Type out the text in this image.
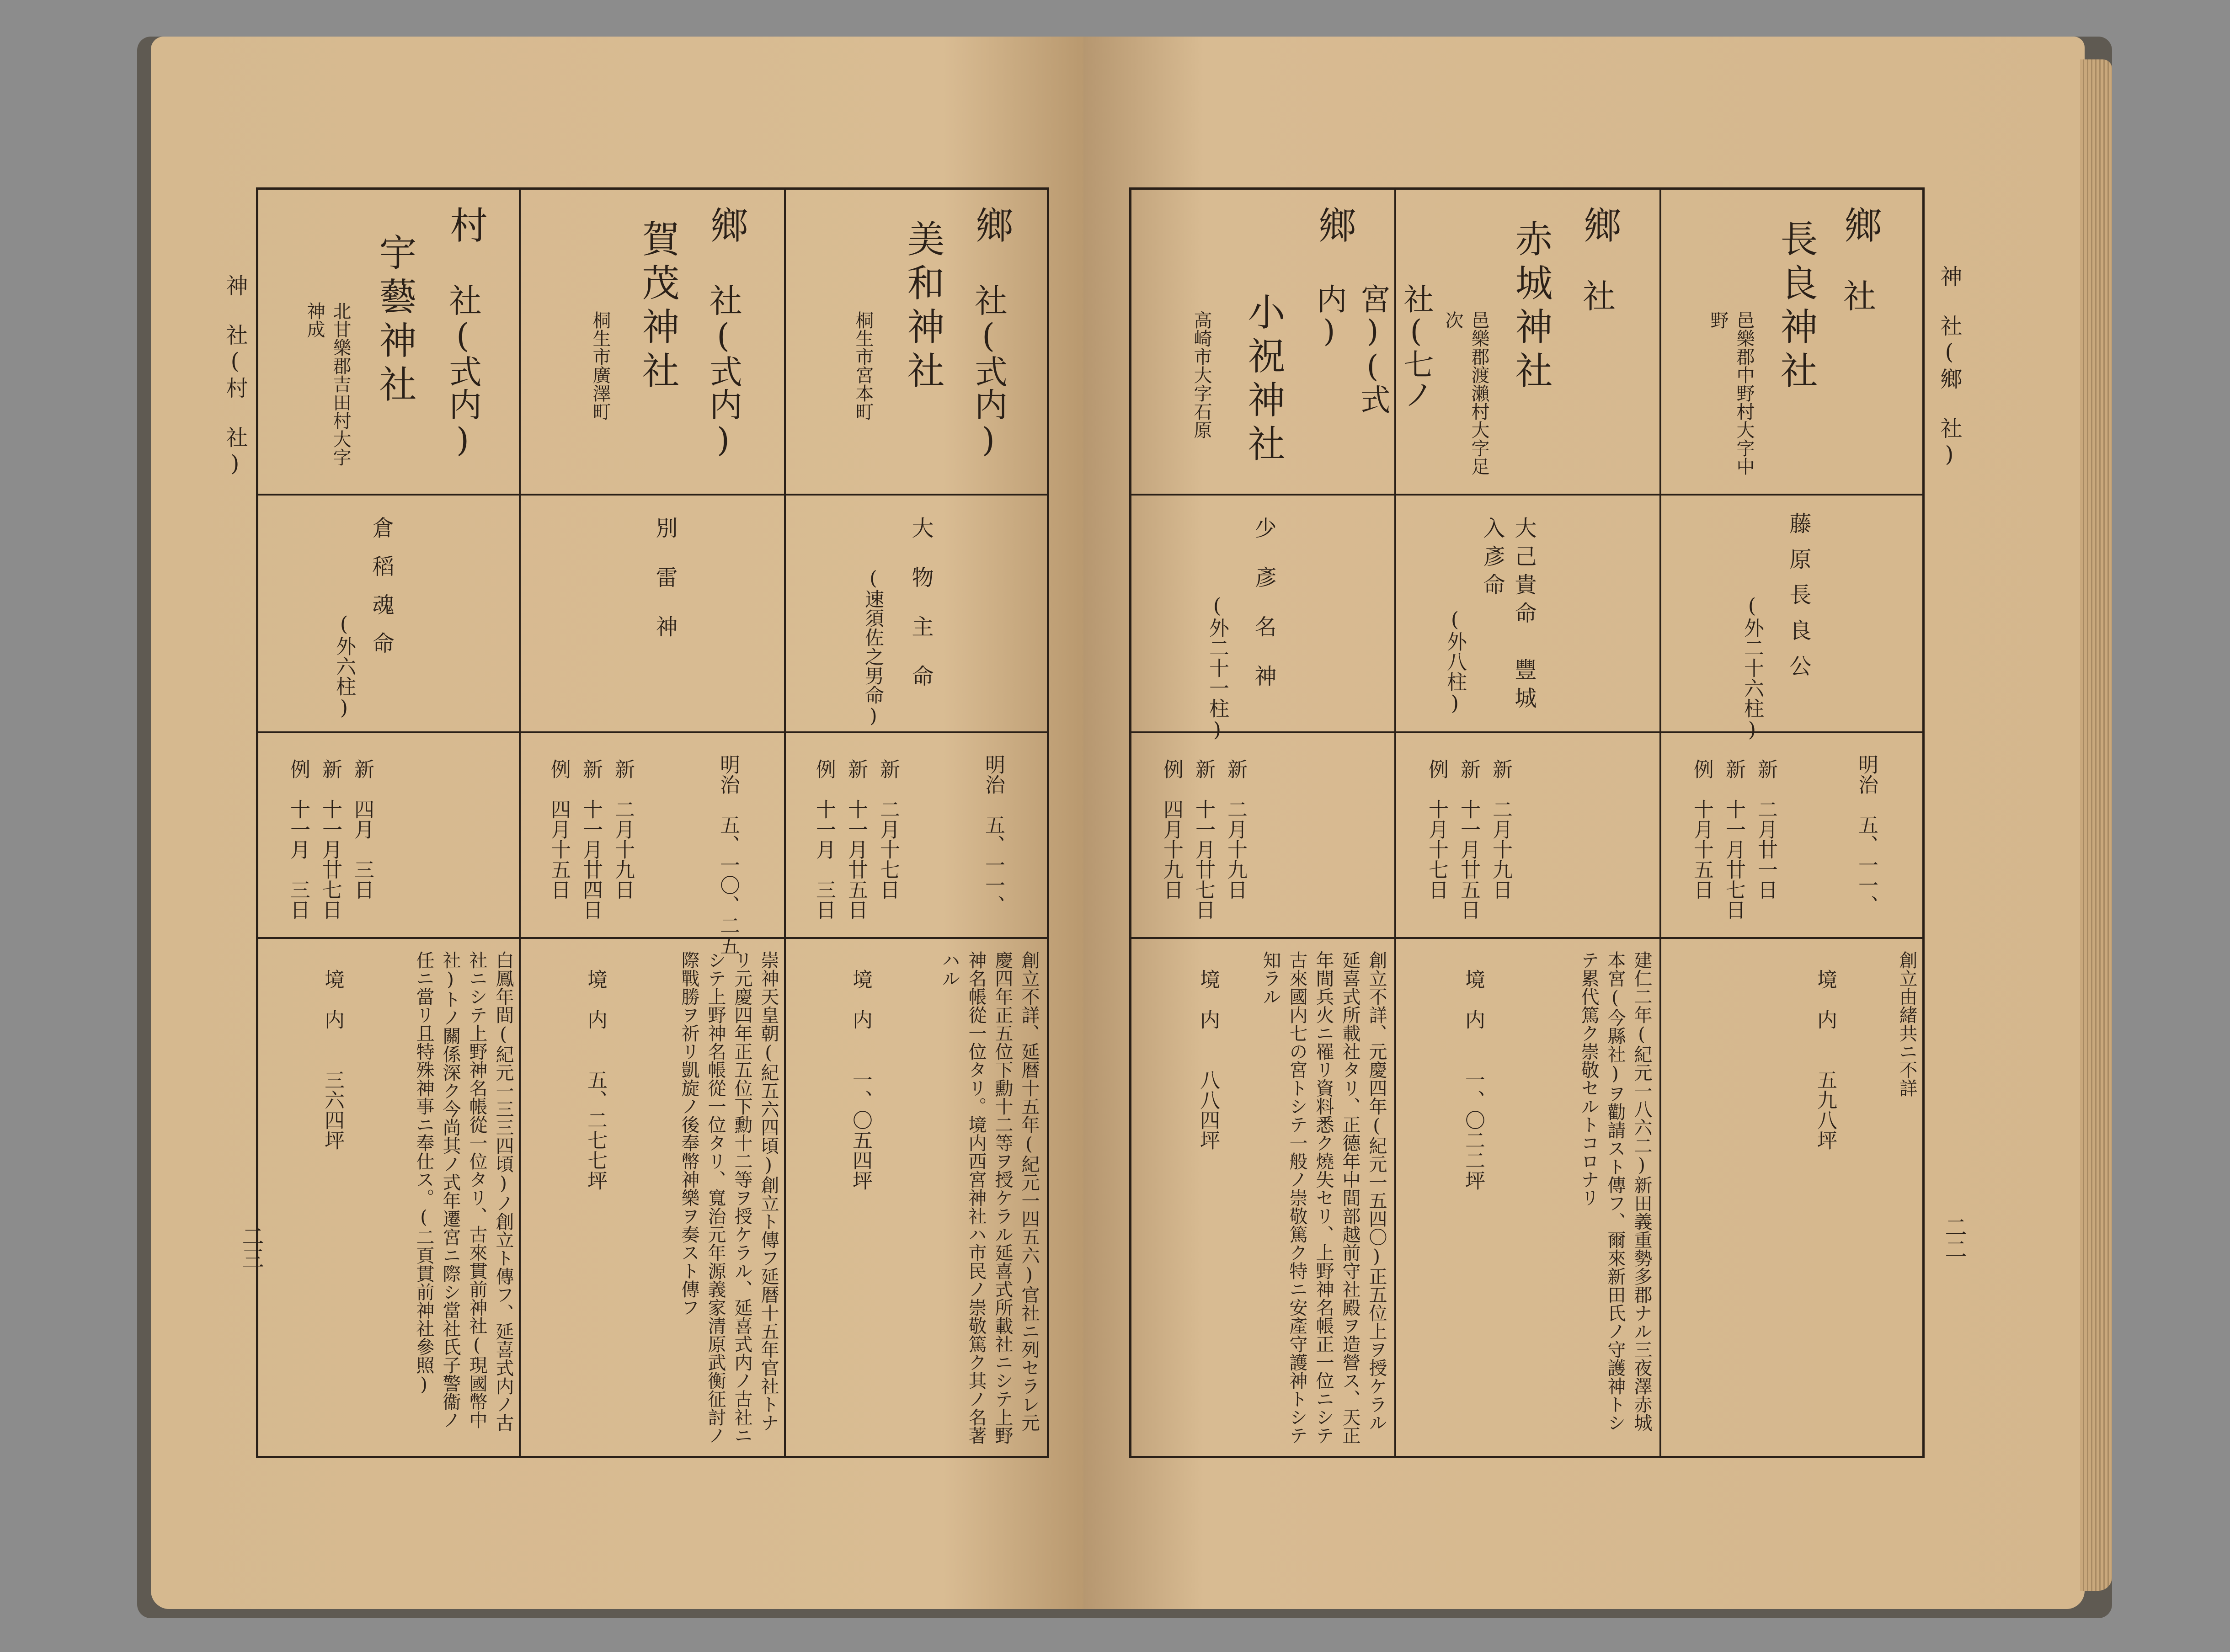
神　社(村　社)
二三
村
社(式内)
宇藝神社
北甘樂郡吉田村大字神成
倉稻魂命
(外六柱)
新　四月　三日
新　十一月廿七日
例　十一月　三日
境　内　　三六四坪	白鳳年間(紀元一三三四頃)ノ創立ト傳フ、延喜式内ノ古社ニシテ上野神名帳從一位タリ、古來貫前神社(現國幣中社)トノ關係深ク今尚其ノ式年遷宮ニ際シ當社氏子警衞ノ任ニ當リ且特殊神事ニ奉仕ス。(二頁貫前神社參照)
鄉
社(式内)
賀茂神社
桐生市廣澤町
別雷神
明治　五、一〇、二五
新　二月十九日
新　十一月廿四日
例　四月十五日
境　内　　五、二七七坪	崇神天皇朝(紀五六四頃)創立ト傳フ延暦十五年官社トナリ元慶四年正五位下勳十二等ヲ授ケラル、延喜式内ノ古社ニシテ上野神名帳從一位タリ、寬治元年源義家清原武衡征討ノ際戰勝ヲ祈リ凱旋ノ後奉幣神樂ヲ奏スト傳フ
鄉
社(式内)
美和神社
桐生市宮本町
大物主命
(速須佐之男命)
明治　五、一一、
新　二月十七日
新　十一月廿五日
例　十一月　三日
境　内　　一、〇五四坪	創立不詳、延暦十五年(紀元一四五六)官社ニ列セラレ元慶四年正五位下勳十二等ヲ授ケラル延喜式所載社ニシテ上野神名帳從一位タリ。境内西宮神社ハ市民ノ崇敬篤ク其ノ名著ハル
神　社(鄉　社)
二二
鄉
社(七ノ宮)(式内)
小祝神社
高崎市大字石原
少彥名神
(外二十一柱)
新　二月十九日
新　十一月廿七日
例　四月十九日
境　内　　八八四坪	創立不詳、元慶四年(紀元一五四〇)正五位上ヲ授ケラル延喜式所載社タリ、正德年中間部越前守社殿ヲ造營ス、天正年間兵火ニ罹リ資料悉ク燒失セリ、上野神名帳正一位ニシテ古來國内七の宮トシテ一般ノ崇敬篤ク特ニ安產守護神トシテ知ラル
鄉
社
赤城神社
邑樂郡渡瀨村大字足次
大己貴命　豐城入彥命
(外八柱)
新　二月十九日
新　十一月廿五日
例　十月十七日
境　内　　一、〇二二坪	建仁二年(紀元一八六二)新田義重勢多郡ナル三夜澤赤城本宮(今縣社)ヲ勸請スト傳フ、爾來新田氏ノ守護神トシテ累代篤ク崇敬セルトコロナリ
鄉
社
長良神社
邑樂郡中野村大字中野
藤原長良公
(外二十六柱)
明治　五、一一、
新　二月廿一日
新　十一月廿七日
例　十月十五日
境　内　　五九八坪	創立由緒共ニ不詳
